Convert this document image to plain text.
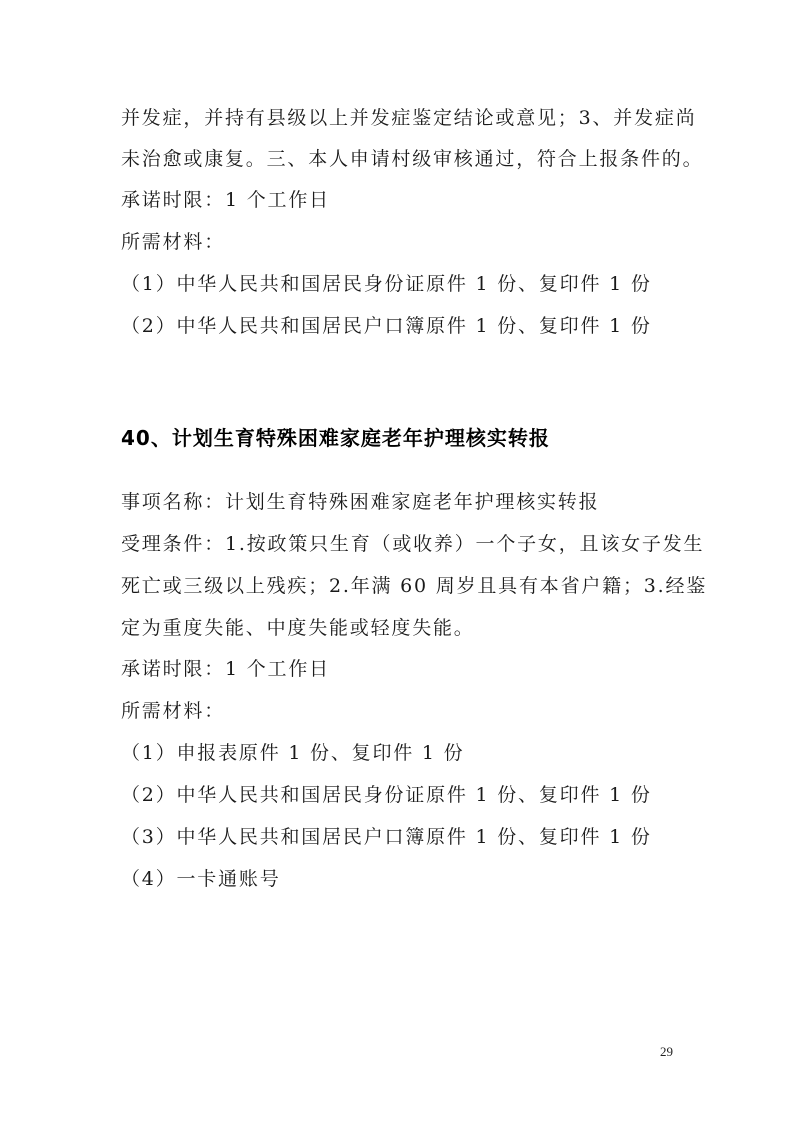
并发症，并持有县级以上并发症鉴定结论或意见；3、并发症尚

未治愈或康复。三、本人申请村级审核通过，符合上报条件的。

承诺时限：1 个工作日

所需材料：

（1）中华人民共和国居民身份证原件 1 份、复印件 1 份

（2）中华人民共和国居民户口簿原件 1 份、复印件 1 份

40、计划生育特殊困难家庭老年护理核实转报

事项名称：计划生育特殊困难家庭老年护理核实转报

受理条件：1.按政策只生育（或收养）一个子女，且该女子发生

死亡或三级以上残疾；2.年满 60 周岁且具有本省户籍；3.经鉴

定为重度失能、中度失能或轻度失能。

承诺时限：1 个工作日

所需材料：

（1）申报表原件 1 份、复印件 1 份

（2）中华人民共和国居民身份证原件 1 份、复印件 1 份

（3）中华人民共和国居民户口簿原件 1 份、复印件 1 份

（4）一卡通账号

29
